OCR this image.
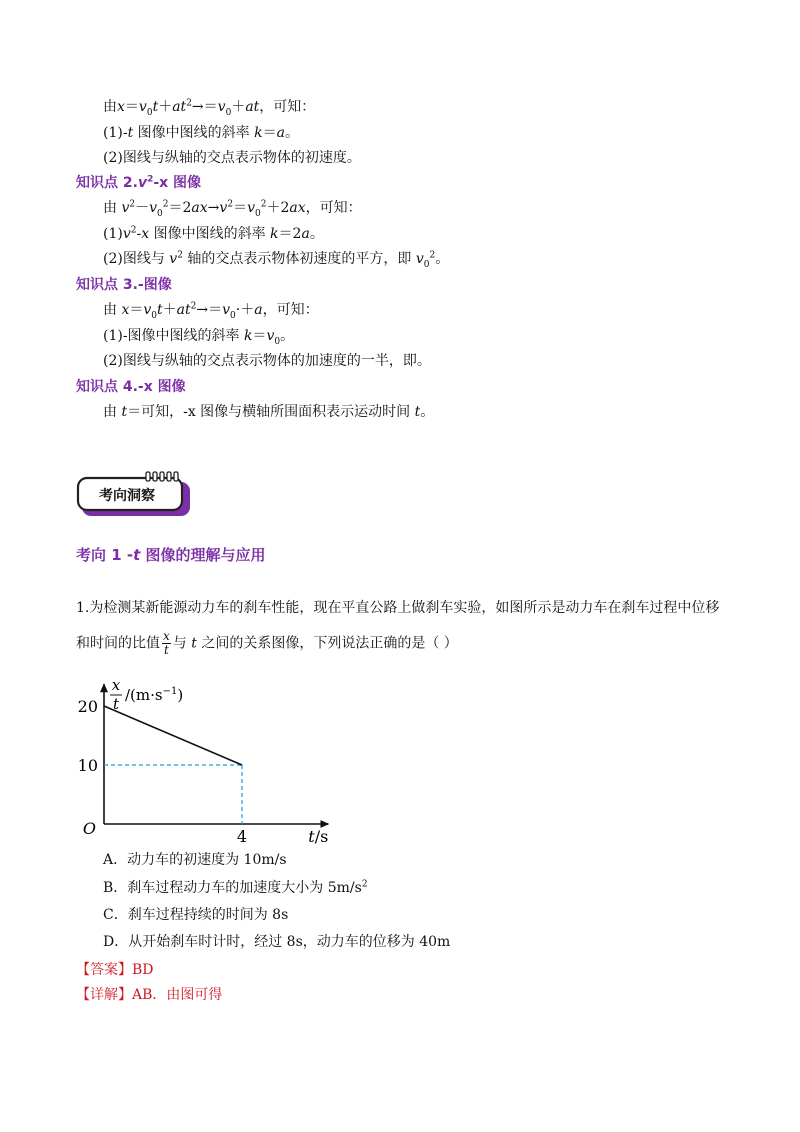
由$x=v_0t+at^2\to=v_0+at$，可知：
(1)-t 图像中图线的斜率 k＝a。
(2)图线与纵轴的交点表示物体的初速度。
知识点 $2.v^2-x$ 图像
由 $v^2-v_0^2=2ax\to v^2=v_0^2+2ax$，可知：
$(1)v^2-x$ 图像中图线的斜率 k＝2a。
(2)图线与 $v^2$ 轴的交点表示物体初速度的平方，即 $v_0^2$。
知识点 3.-图像
由 $x=v_0t+at^2\to=v_0\cdot+a$，可知：
(1)-图像中图线的斜率 $k=v_0$。
(2)图线与纵轴的交点表示物体的加速度的一半，即。
知识点 4.-x 图像
由 t＝可知，-x 图像与横轴所围面积表示运动时间 t。
考向洞察
考向 1 -t 图像的理解与应用
1.为检测某新能源动力车的刹车性能，现在平直公路上做刹车实验，如图所示是动力车在刹车过程中位移
和时间的比值 $\frac{x}{t}$ 与 t 之间的关系图像，下列说法正确的是（ ）
20
10
4
O	t/s
x
t $/(m\cdot s^{-1})$
A．动力车的初速度为 10m/s
B．刹车过程动力车的加速度大小为 $5m/s^2$
C．刹车过程持续的时间为 8s
D．从开始刹车时计时，经过 8s，动力车的位移为 40m
【答案】BD
【详解】AB．由图可得
